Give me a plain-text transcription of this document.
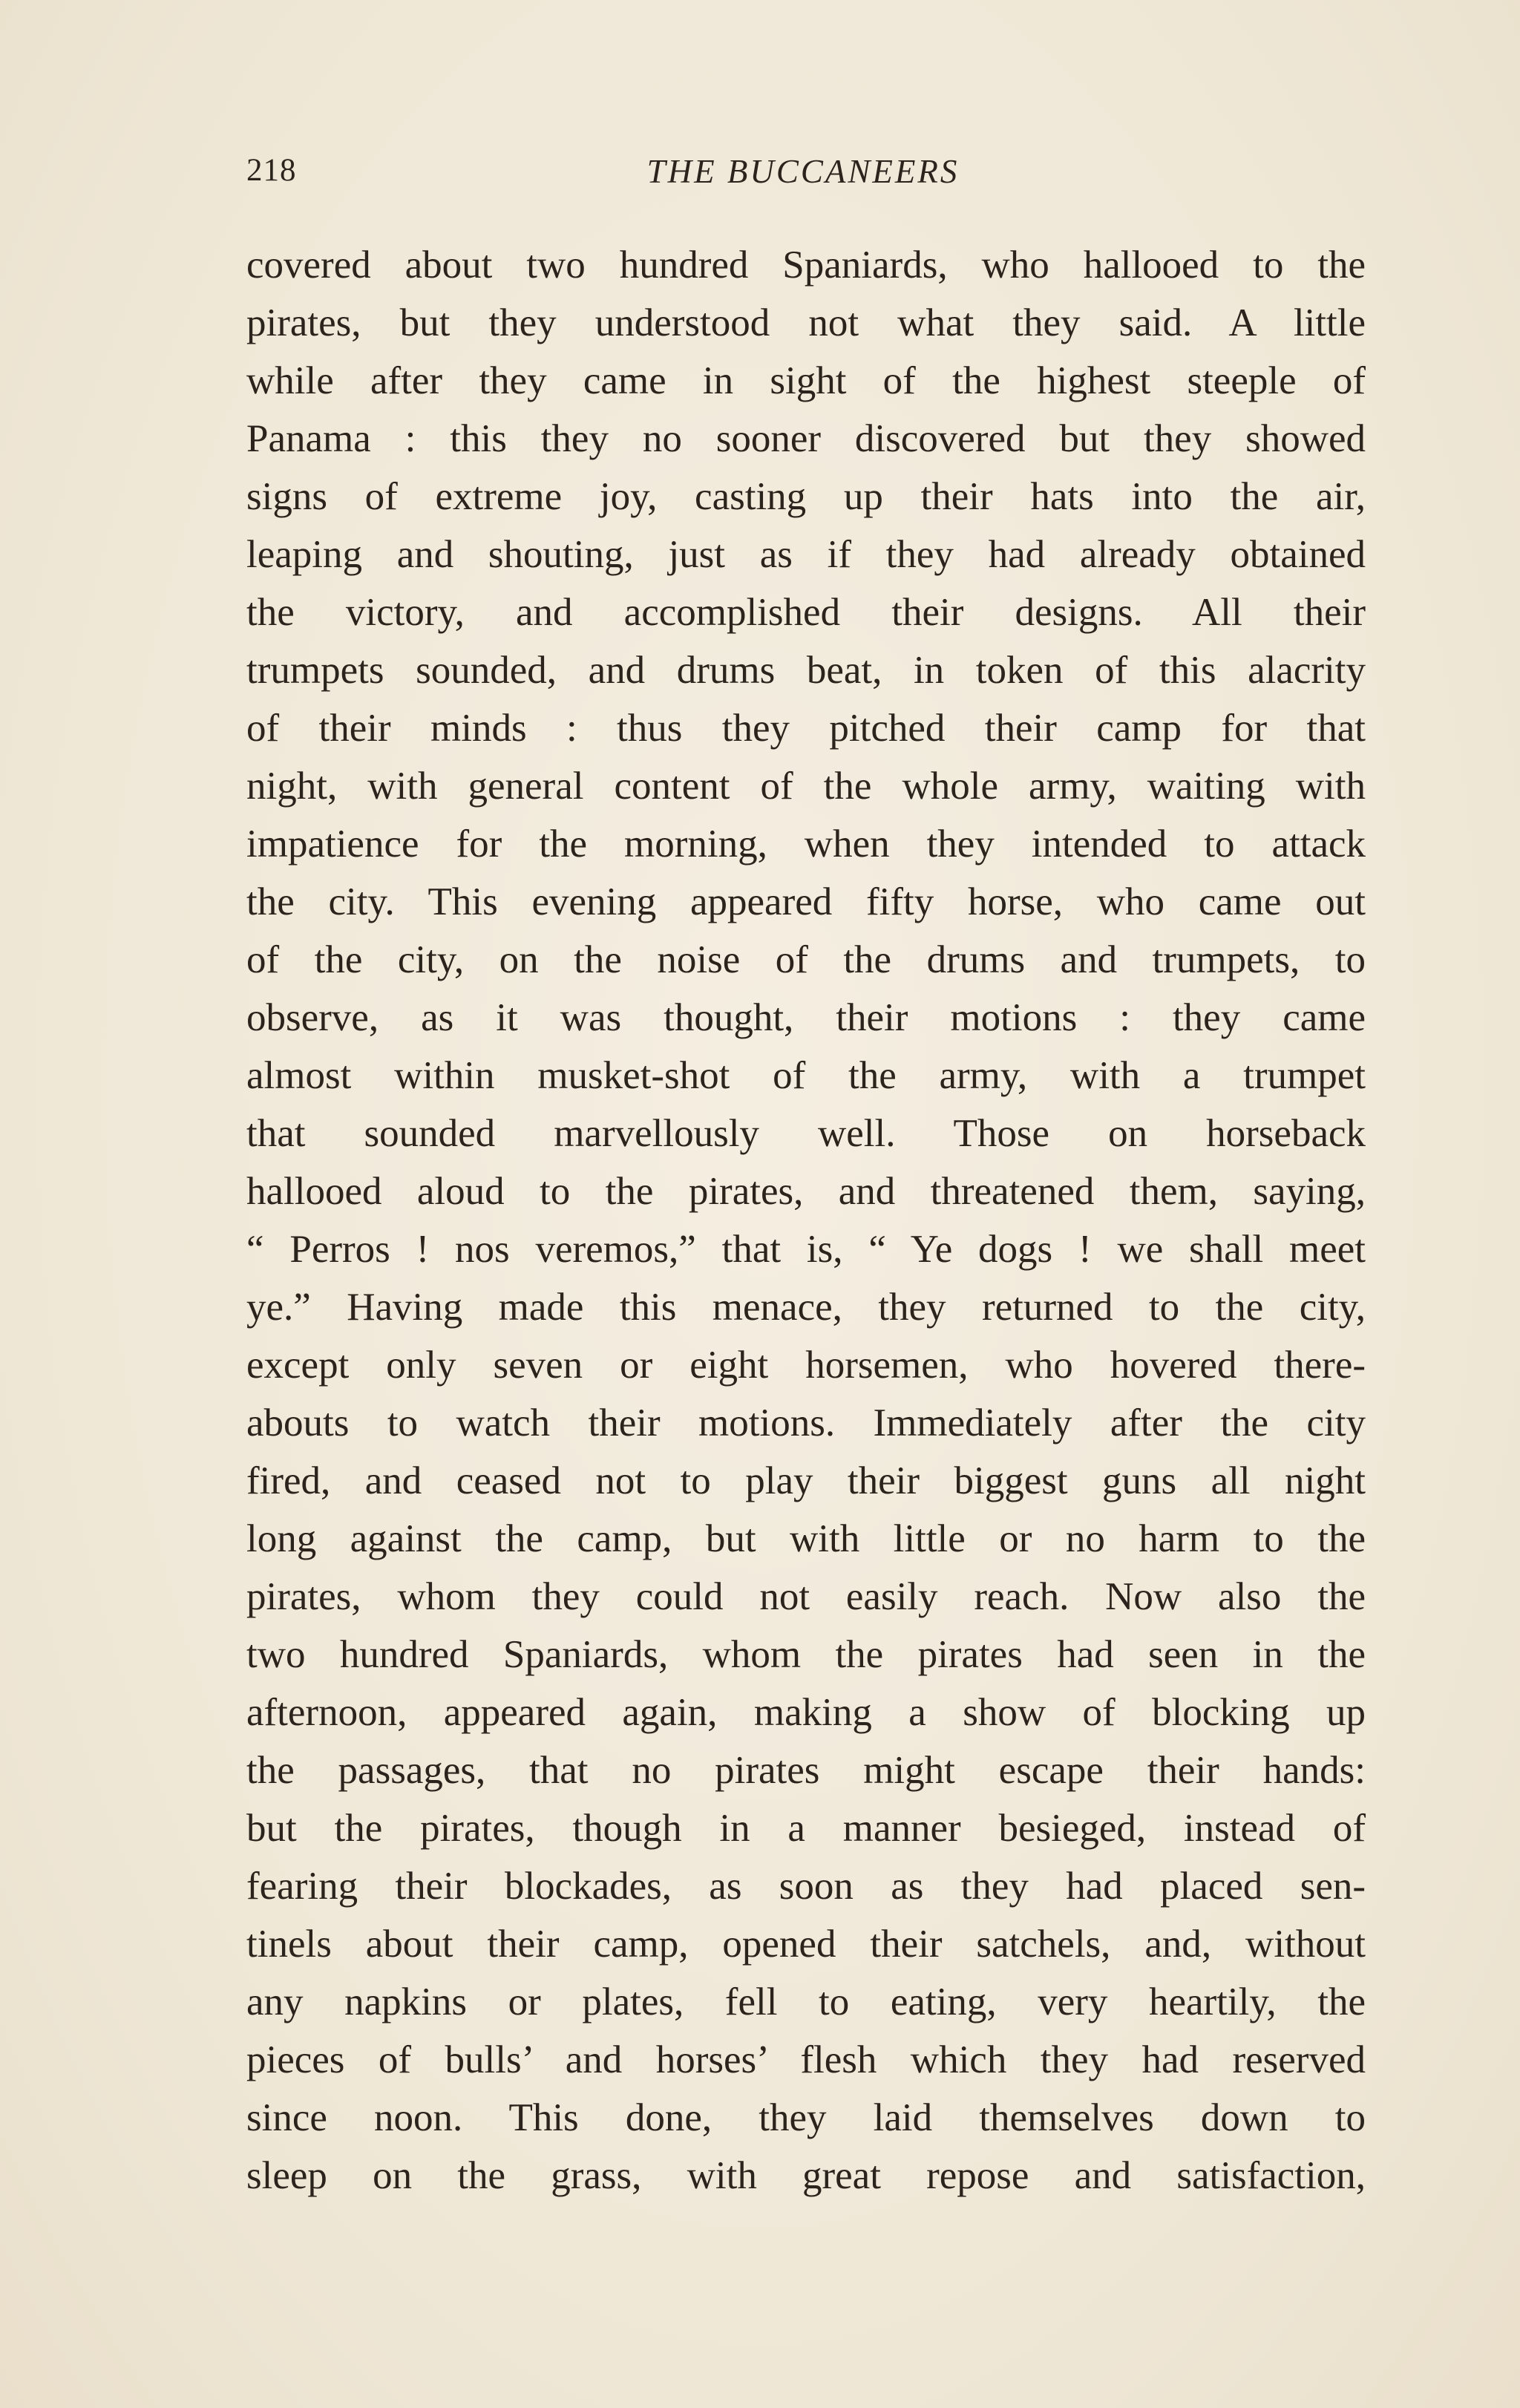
218	THE BUCCANEERS
covered about two hundred Spaniards, who hallooed to the
pirates, but they understood not what they said. A little
while after they came in sight of the highest steeple of
Panama : this they no sooner discovered but they showed
signs of extreme joy, casting up their hats into the air,
leaping and shouting, just as if they had already obtained
the victory, and accomplished their designs. All their
trumpets sounded, and drums beat, in token of this alacrity
of their minds : thus they pitched their camp for that
night, with general content of the whole army, waiting with
impatience for the morning, when they intended to attack
the city. This evening appeared fifty horse, who came out
of the city, on the noise of the drums and trumpets, to
observe, as it was thought, their motions : they came
almost within musket-shot of the army, with a trumpet
that sounded marvellously well. Those on horseback
hallooed aloud to the pirates, and threatened them, saying,
“ Perros ! nos veremos,” that is, “ Ye dogs ! we shall meet
ye.” Having made this menace, they returned to the city,
except only seven or eight horsemen, who hovered there-
abouts to watch their motions. Immediately after the city
fired, and ceased not to play their biggest guns all night
long against the camp, but with little or no harm to the
pirates, whom they could not easily reach. Now also the
two hundred Spaniards, whom the pirates had seen in the
afternoon, appeared again, making a show of blocking up
the passages, that no pirates might escape their hands:
but the pirates, though in a manner besieged, instead of
fearing their blockades, as soon as they had placed sen-
tinels about their camp, opened their satchels, and, without
any napkins or plates, fell to eating, very heartily, the
pieces of bulls’ and horses’ flesh which they had reserved
since noon. This done, they laid themselves down to
sleep on the grass, with great repose and satisfaction,
